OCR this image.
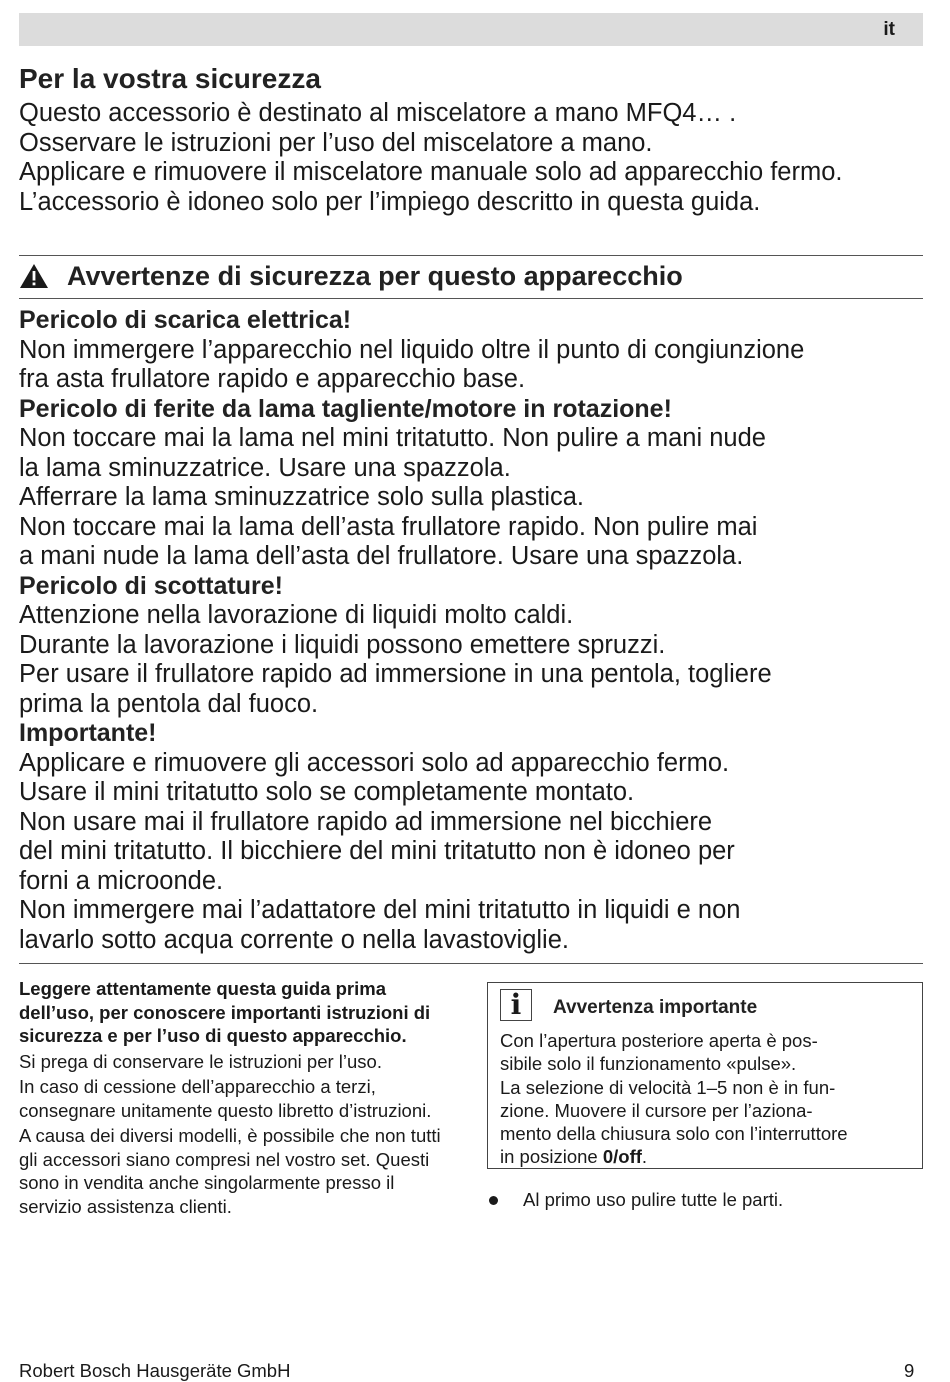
it
Per la vostra sicurezza

Questo accessorio è destinato al miscelatore a mano MFQ4… .

Osservare le istruzioni per l’uso del miscelatore a mano.

Applicare e rimuovere il miscelatore manuale solo ad apparecchio fermo.

L’accessorio è idoneo solo per l’impiego descritto in questa guida.

Avvertenze di sicurezza per questo apparecchio

Pericolo di scarica elettrica!

Non immergere l’apparecchio nel liquido oltre il punto di congiunzione
fra asta frullatore rapido e apparecchio base.

Pericolo di ferite da lama tagliente/motore in rotazione!

Non toccare mai la lama nel mini tritatutto. Non pulire a mani nude
la lama sminuzzatrice. Usare una spazzola.
Afferrare la lama sminuzzatrice solo sulla plastica.
Non toccare mai la lama dell’asta frullatore rapido. Non pulire mai
a mani nude la lama dell’asta del frullatore. Usare una spazzola.

Pericolo di scottature!

Attenzione nella lavorazione di liquidi molto caldi.
Durante la lavorazione i liquidi possono emettere spruzzi.
Per usare il frullatore rapido ad immersione in una pentola, togliere
prima la pentola dal fuoco.

Importante!

Applicare e rimuovere gli accessori solo ad apparecchio fermo.
Usare il mini tritatutto solo se completamente montato.
Non usare mai il frullatore rapido ad immersione nel bicchiere
del mini tritatutto. Il bicchiere del mini tritatutto non è idoneo per
forni a microonde.
Non immergere mai l’adattatore del mini tritatutto in liquidi e non
lavarlo sotto acqua corrente o nella lavastoviglie.

Leggere attentamente questa guida prima dell’uso, per conoscere importanti istruzioni di sicurezza e per l’uso di questo apparecchio.

Si prega di conservare le istruzioni per l’uso.

In caso di cessione dell’apparecchio a terzi, consegnare unitamente questo libretto d’istruzioni.

A causa dei diversi modelli, è possibile che non tutti gli accessori siano compresi nel vostro set. Questi sono in vendita anche singolarmente presso il servizio assistenza clienti.

i	Avvertenza importante

Con l’apertura posteriore aperta è pos-
sibile solo il funzionamento «pulse».

La selezione di velocità 1–5 non è in fun-
zione. Muovere il cursore per l’aziona-
mento della chiusura solo con l’interruttore
in posizione 0/off.

Al primo uso pulire tutte le parti.
Robert Bosch Hausgeräte GmbH	9
